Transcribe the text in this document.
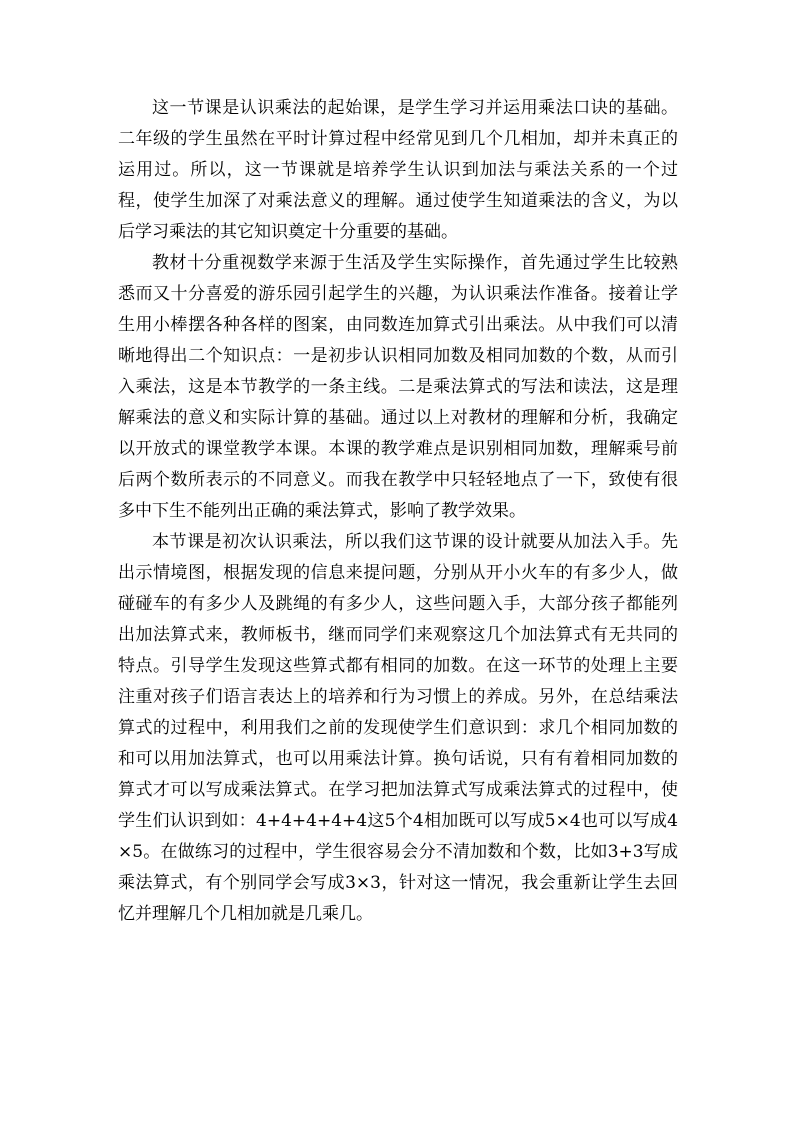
这一节课是认识乘法的起始课，是学生学习并运用乘法口诀的基础。二年级的学生虽然在平时计算过程中经常见到几个几相加，却并未真正的运用过。所以，这一节课就是培养学生认识到加法与乘法关系的一个过程，使学生加深了对乘法意义的理解。通过使学生知道乘法的含义，为以后学习乘法的其它知识奠定十分重要的基础。

教材十分重视数学来源于生活及学生实际操作，首先通过学生比较熟悉而又十分喜爱的游乐园引起学生的兴趣，为认识乘法作准备。接着让学生用小棒摆各种各样的图案，由同数连加算式引出乘法。从中我们可以清晰地得出二个知识点：一是初步认识相同加数及相同加数的个数，从而引入乘法，这是本节教学的一条主线。二是乘法算式的写法和读法，这是理解乘法的意义和实际计算的基础。通过以上对教材的理解和分析，我确定以开放式的课堂教学本课。本课的教学难点是识别相同加数，理解乘号前后两个数所表示的不同意义。而我在教学中只轻轻地点了一下，致使有很多中下生不能列出正确的乘法算式，影响了教学效果。

本节课是初次认识乘法，所以我们这节课的设计就要从加法入手。先出示情境图，根据发现的信息来提问题，分别从开小火车的有多少人，做碰碰车的有多少人及跳绳的有多少人，这些问题入手，大部分孩子都能列出加法算式来，教师板书，继而同学们来观察这几个加法算式有无共同的特点。引导学生发现这些算式都有相同的加数。在这一环节的处理上主要注重对孩子们语言表达上的培养和行为习惯上的养成。另外，在总结乘法算式的过程中，利用我们之前的发现使学生们意识到：求几个相同加数的和可以用加法算式，也可以用乘法计算。换句话说，只有有着相同加数的算式才可以写成乘法算式。在学习把加法算式写成乘法算式的过程中，使学生们认识到如：4+4+4+4+4这5个4相加既可以写成5×4也可以写成4×5。在做练习的过程中，学生很容易会分不清加数和个数，比如3+3写成乘法算式，有个别同学会写成3×3，针对这一情况，我会重新让学生去回忆并理解几个几相加就是几乘几。
